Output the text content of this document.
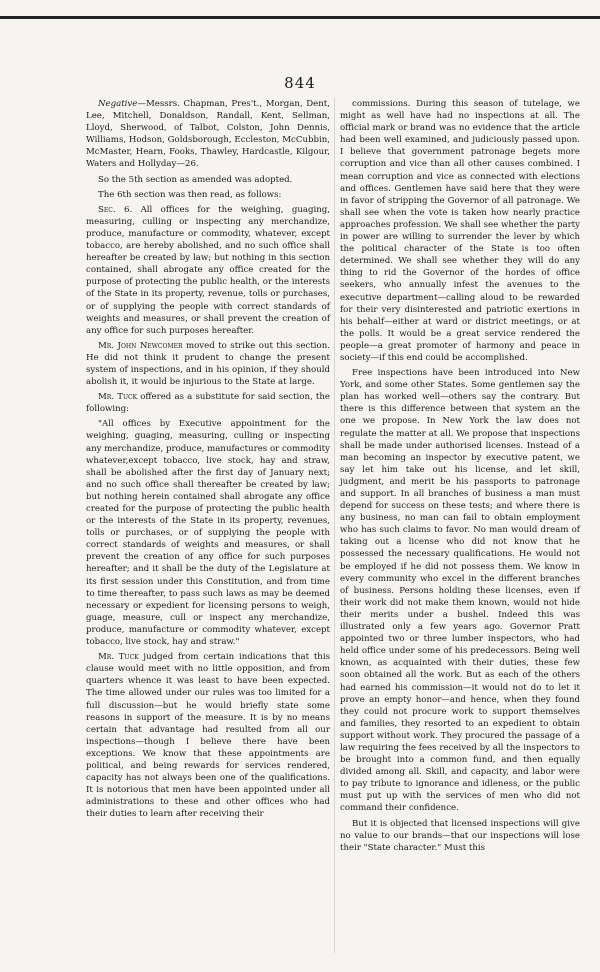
844

Negative—Messrs. Chapman, Pres't., Morgan, Dent, Lee, Mitchell, Donaldson, Randall, Kent, Sellman, Lloyd, Sherwood, of Talbot, Colston, John Dennis, Williams, Hodson, Goldsborough, Eccleston, McCubbin, McMaster, Hearn, Fooks, Thawley, Hardcastle, Kilgour, Waters and Hollyday—26.

So the 5th section as amended was adopted.

The 6th section was then read, as follows:

Sec. 6. All offices for the weighing, guaging, measuring, culling or inspecting any merchandize, produce, manufacture or commodity, whatever, except tobacco, are hereby abolished, and no such office shall hereafter be created by law; but nothing in this section contained, shall abrogate any office created for the purpose of protecting the public health, or the interests of the State in its property, revenue, tolls or purchases, or of supplying the people with correct standards of weights and measures, or shall prevent the creation of any office for such purposes hereafter.

Mr. John Newcomer moved to strike out this section. He did not think it prudent to change the present system of inspections, and in his opinion, if they should abolish it, it would be injurious to the State at large.

Mr. Tuck offered as a substitute for said section, the following:

"All offices by Executive appointment for the weighing, guaging, measuring, culling or inspecting any merchandize, produce, manufactures or commodity whatever,except tobacco, live stock, hay and straw, shall be abolished after the first day of January next; and no such office shall thereafter be created by law; but nothing herein contained shall abrogate any office created for the purpose of protecting the public health or the interests of the State in its property, revenues, tolls or purchases, or of supplying the people with correct standards of weights and measures, or shall prevent the creation of any office for such purposes hereafter; and it shall be the duty of the Legislature at its first session under this Constitution, and from time to time thereafter, to pass such laws as may be deemed necessary or expedient for licensing persons to weigh, guage, measure, cull or inspect any merchandize, produce, manufacture or commodity whatever, except tobacco, live stock, hay and straw."

Mr. Tuck judged from certain indications that this clause would meet with no little opposition, and from quarters whence it was least to have been expected. The time allowed under our rules was too limited for a full discussion—but he would briefly state some reasons in support of the measure. It is by no means certain that advantage had resulted from all our inspections—though I believe there have been exceptions. We know that these appointments are political, and being rewards for services rendered, capacity has not always been one of the qualifications. It is notorious that men have been appointed under all administrations to these and other offices who had their duties to learn after receiving their

commissions. During this season of tutelage, we might as well have had no inspections at all. The official mark or brand was no evidence that the article had been well examined, and judiciously passed upon. I believe that government patronage begets more corruption and vice than all other causes combined. I mean corruption and vice as connected with elections and offices. Gentlemen have said here that they were in favor of stripping the Governor of all patronage. We shall see when the vote is taken how nearly practice approaches profession. We shall see whether the party in power are willing to surrender the lever by which the political character of the State is too often determined. We shall see whether they will do any thing to rid the Governor of the hordes of office seekers, who annually infest the avenues to the executive department—calling aloud to be rewarded for their very disinterested and patriotic exertions in his behalf—either at ward or district meetings, or at the polls. It would be a great service rendered the people—a great promoter of harmony and peace in society—if this end could be accomplished.

Free inspections have been introduced into New York, and some other States. Some gentlemen say the plan has worked well—others say the contrary. But there is this difference between that system an the one we propose. In New York the law does not regulate the matter at all. We propose that inspections shall be made under authorised licenses. Instead of a man becoming an inspector by executive patent, we say let him take out his license, and let skill, judgment, and merit be his passports to patronage and support. In all branches of business a man must depend for success on these tests; and where there is any business, no man can fail to obtain employment who has such claims to favor. No man would dream of taking out a license who did not know that he possessed the necessary qualifications. He would not be employed if he did not possess them. We know in every community who excel in the different branches of business. Persons holding these licenses, even if their work did not make them known, would not hide their merits under a bushel. Indeed this was illustrated only a few years ago. Governor Pratt appointed two or three lumber inspectors, who had held office under some of his predecessors. Being well known, as acquainted with their duties, these few soon obtained all the work. But as each of the others had earned his commission—it would not do to let it prove an empty honor—and hence, when they found they could not procure work to support themselves and families, they resorted to an expedient to obtain support without work. They procured the passage of a law requiring the fees received by all the inspectors to be brought into a common fund, and then equally divided among all. Skill, and capacity, and labor were to pay tribute to ignorance and idleness, or the public must put up with the services of men who did not command their confidence.

But it is objected that licensed inspections will give no value to our brands—that our inspections will lose their "State character." Must this
